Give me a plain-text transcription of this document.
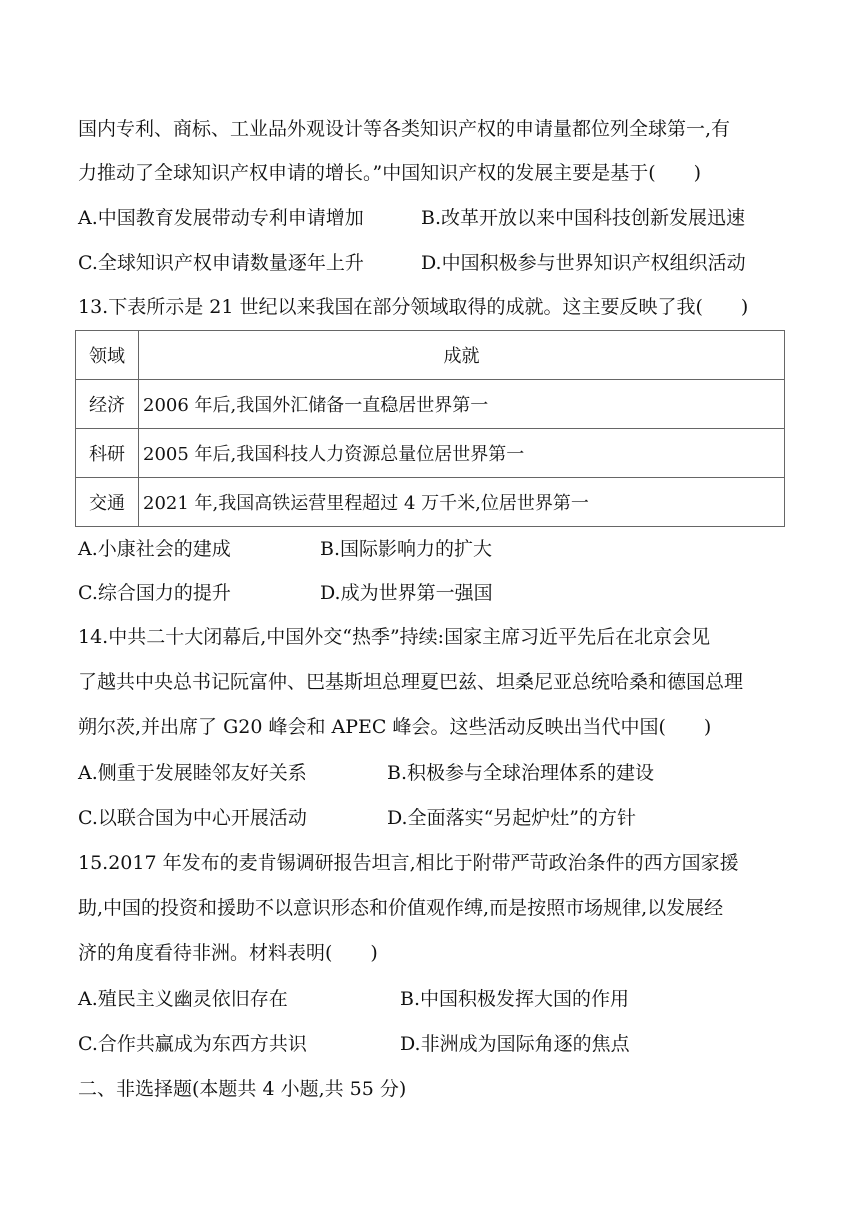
国内专利、商标、工业品外观设计等各类知识产权的申请量都位列全球第一,有
力推动了全球知识产权申请的增长。”中国知识产权的发展主要是基于(　　)
A.中国教育发展带动专利申请增加	B.改革开放以来中国科技创新发展迅速
C.全球知识产权申请数量逐年上升	D.中国积极参与世界知识产权组织活动
13.下表所示是 21 世纪以来我国在部分领域取得的成就。这主要反映了我(　　)
领域	成就
经济	2006 年后,我国外汇储备一直稳居世界第一
科研	2005 年后,我国科技人力资源总量位居世界第一
交通	2021 年,我国高铁运营里程超过 4 万千米,位居世界第一
A.小康社会的建成	B.国际影响力的扩大
C.综合国力的提升	D.成为世界第一强国
14.中共二十大闭幕后,中国外交“热季”持续:国家主席习近平先后在北京会见
了越共中央总书记阮富仲、巴基斯坦总理夏巴兹、坦桑尼亚总统哈桑和德国总理
朔尔茨,并出席了 G20 峰会和 APEC 峰会。这些活动反映出当代中国(　　)
A.侧重于发展睦邻友好关系	B.积极参与全球治理体系的建设
C.以联合国为中心开展活动	D.全面落实“另起炉灶”的方针
15.2017 年发布的麦肯锡调研报告坦言,相比于附带严苛政治条件的西方国家援
助,中国的投资和援助不以意识形态和价值观作缚,而是按照市场规律,以发展经
济的角度看待非洲。材料表明(　　)
A.殖民主义幽灵依旧存在	B.中国积极发挥大国的作用
C.合作共赢成为东西方共识	D.非洲成为国际角逐的焦点
二、非选择题(本题共 4 小题,共 55 分)
